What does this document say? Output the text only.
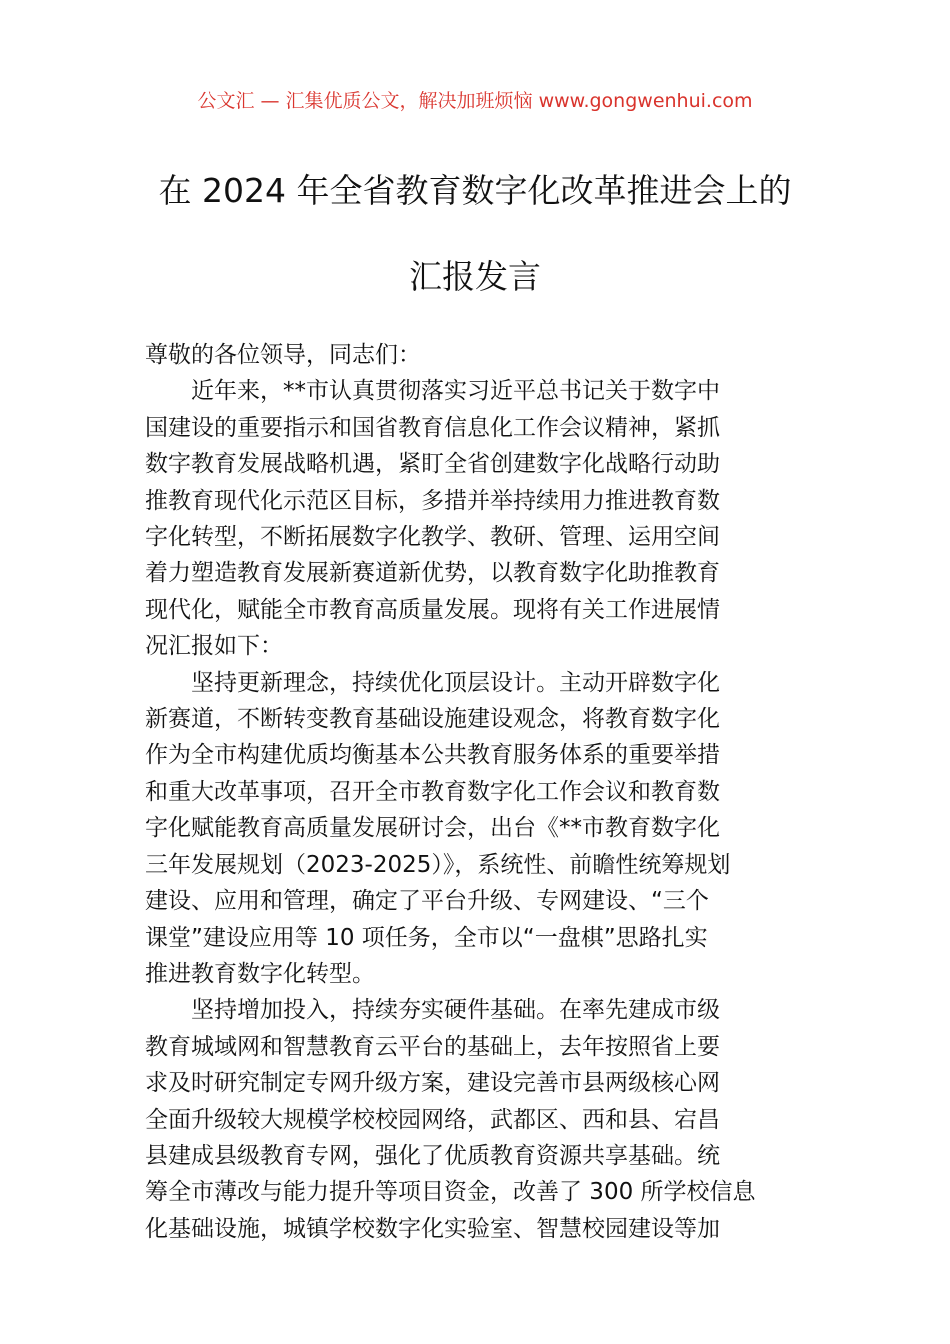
公文汇 — 汇集优质公文，解决加班烦恼 www.gongwenhui.com
在 2024 年全省教育数字化改革推进会上的
汇报发言
尊敬的各位领导，同志们：
近年来，**市认真贯彻落实习近平总书记关于数字中
国建设的重要指示和国省教育信息化工作会议精神，紧抓
数字教育发展战略机遇，紧盯全省创建数字化战略行动助
推教育现代化示范区目标，多措并举持续用力推进教育数
字化转型，不断拓展数字化教学、教研、管理、运用空间
着力塑造教育发展新赛道新优势，以教育数字化助推教育
现代化，赋能全市教育高质量发展。现将有关工作进展情
况汇报如下：
坚持更新理念，持续优化顶层设计。主动开辟数字化
新赛道，不断转变教育基础设施建设观念，将教育数字化
作为全市构建优质均衡基本公共教育服务体系的重要举措
和重大改革事项，召开全市教育数字化工作会议和教育数
字化赋能教育高质量发展研讨会，出台《**市教育数字化
三年发展规划（2023-2025）》，系统性、前瞻性统筹规划
建设、应用和管理，确定了平台升级、专网建设、“三个
课堂”建设应用等 10 项任务，全市以“一盘棋”思路扎实
推进教育数字化转型。
坚持增加投入，持续夯实硬件基础。在率先建成市级
教育城域网和智慧教育云平台的基础上，去年按照省上要
求及时研究制定专网升级方案，建设完善市县两级核心网
全面升级较大规模学校校园网络，武都区、西和县、宕昌
县建成县级教育专网，强化了优质教育资源共享基础。统
筹全市薄改与能力提升等项目资金，改善了 300 所学校信息
化基础设施，城镇学校数字化实验室、智慧校园建设等加
